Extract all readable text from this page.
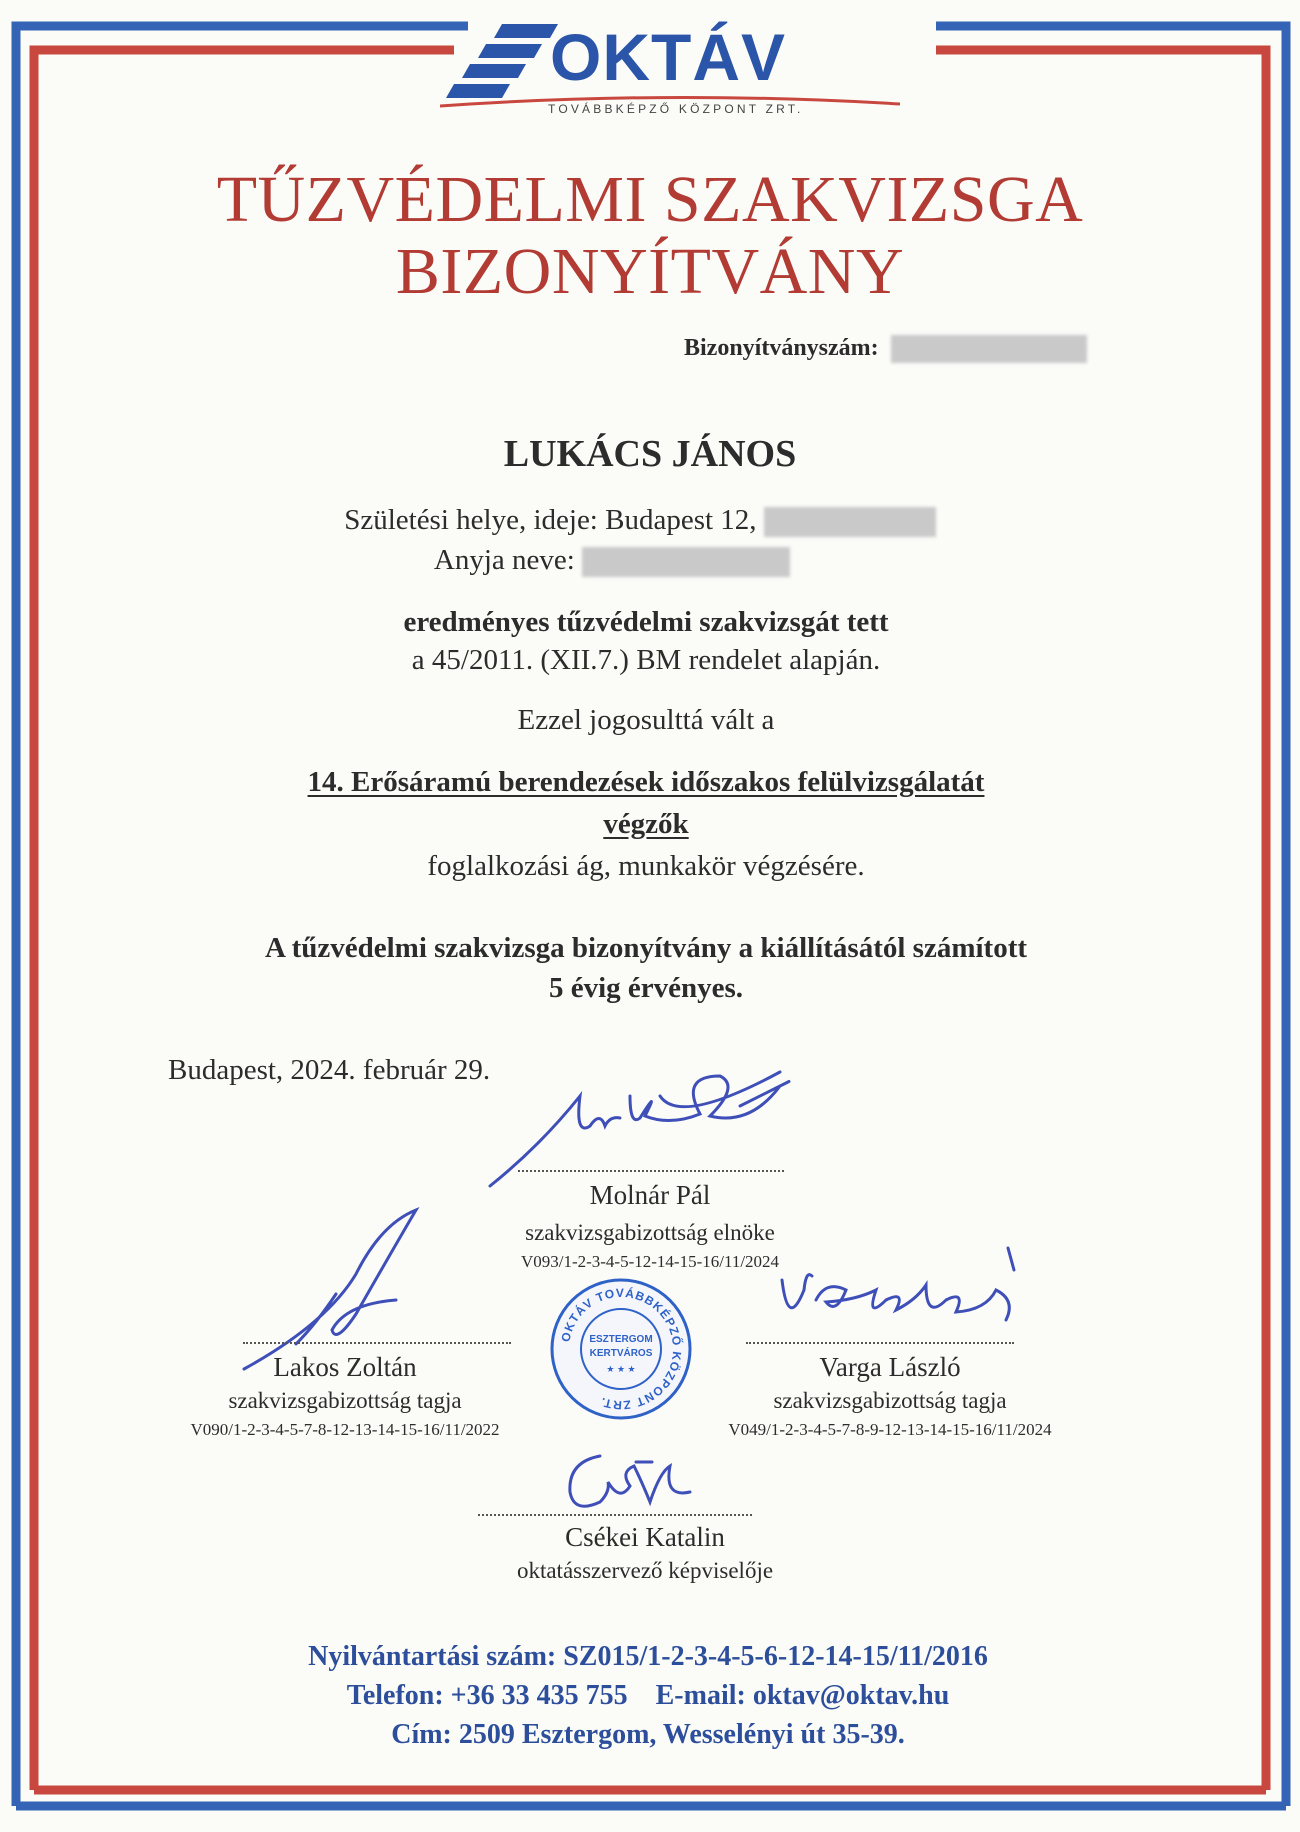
OKTÁV
TOVÁBBKÉPZŐ KÖZPONT ZRT.
TŰZVÉDELMI SZAKVIZSGA
BIZONYÍTVÁNY
Bizonyítványszám:
LUKÁCS JÁNOS
Születési helye, ideje: Budapest 12,
Anyja neve:
eredményes tűzvédelmi szakvizsgát tett
a 45/2011. (XII.7.) BM rendelet alapján.
Ezzel jogosulttá vált a
14. Erősáramú berendezések időszakos felülvizsgálatát
végzők
foglalkozási ág, munkakör végzésére.
A tűzvédelmi szakvizsga bizonyítvány a kiállításától számított
5 évig érvényes.
Budapest, 2024. február 29.
Molnár Pál
szakvizsgabizottság elnöke
V093/1-2-3-4-5-12-14-15-16/11/2024
Lakos Zoltán
szakvizsgabizottság tagja
V090/1-2-3-4-5-7-8-12-13-14-15-16/11/2022
Varga László
szakvizsgabizottság tagja
V049/1-2-3-4-5-7-8-9-12-13-14-15-16/11/2024
OKTÁV TOVÁBBKÉPZŐ KÖZPONT ZRT.
ESZTERGOM
KERTVÁROS
★ ★ ★
Csékei Katalin
oktatásszervező képviselője
Nyilvántartási szám: SZ015/1-2-3-4-5-6-12-14-15/11/2016
Telefon: +36 33 435 755    E-mail: oktav@oktav.hu
Cím: 2509 Esztergom, Wesselényi út 35-39.
